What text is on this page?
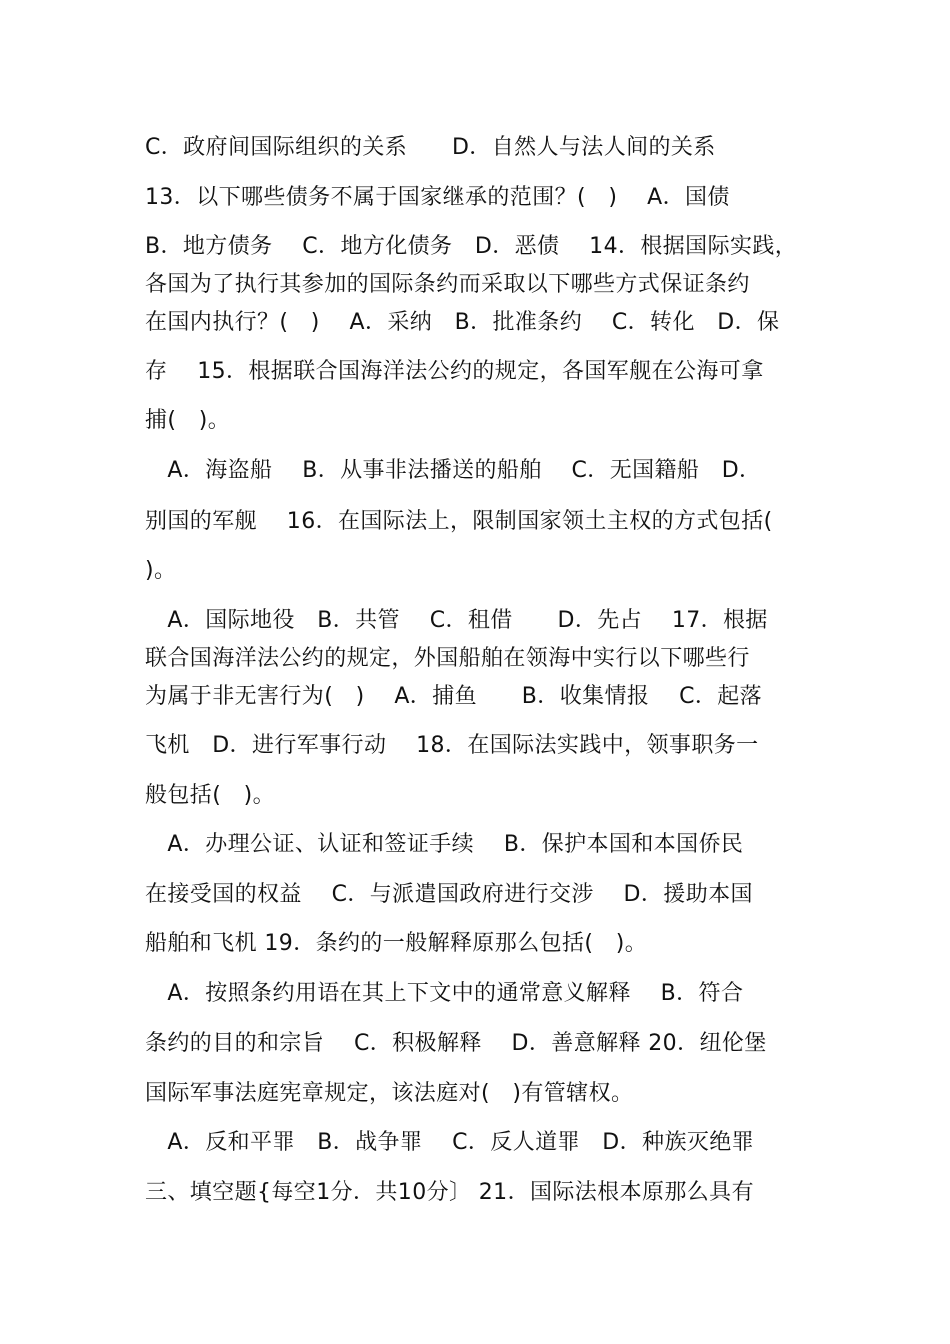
C．政府间国际组织的关系　　D．自然人与法人间的关系
13．以下哪些债务不属于国家继承的范围？(　)　 A．国债
B．地方债务　 C．地方化债务　D．恶债　 14．根据国际实践，
各国为了执行其参加的国际条约而采取以下哪些方式保证条约
在国内执行？(　)　 A．采纳　B．批准条约　 C．转化　D．保
存　 15．根据联合国海洋法公约的规定，各国军舰在公海可拿
捕(　)。
　A．海盗船　 B．从事非法播送的船舶　 C．无国籍船　D．
别国的军舰　 16．在国际法上，限制国家领土主权的方式包括(
)。
　A．国际地役　B．共管　 C．租借　　D．先占　 17．根据
联合国海洋法公约的规定，外国船舶在领海中实行以下哪些行
为属于非无害行为(　)　 A．捕鱼　　B．收集情报　 C．起落
飞机　D．进行军事行动　 18．在国际法实践中，领事职务一
般包括(　)。
　A．办理公证、认证和签证手续　 B．保护本国和本国侨民
在接受国的权益　 C．与派遣国政府进行交涉　 D．援助本国
船舶和飞机 19．条约的一般解释原那么包括(　)。
　A．按照条约用语在其上下文中的通常意义解释　 B．符合
条约的目的和宗旨　 C．积极解释　 D．善意解释 20．纽伦堡
国际军事法庭宪章规定，该法庭对(　)有管辖权。
　A．反和平罪　B．战争罪　 C．反人道罪　D．种族灭绝罪
三、填空题{每空1分．共10分〕 21．国际法根本原那么具有
